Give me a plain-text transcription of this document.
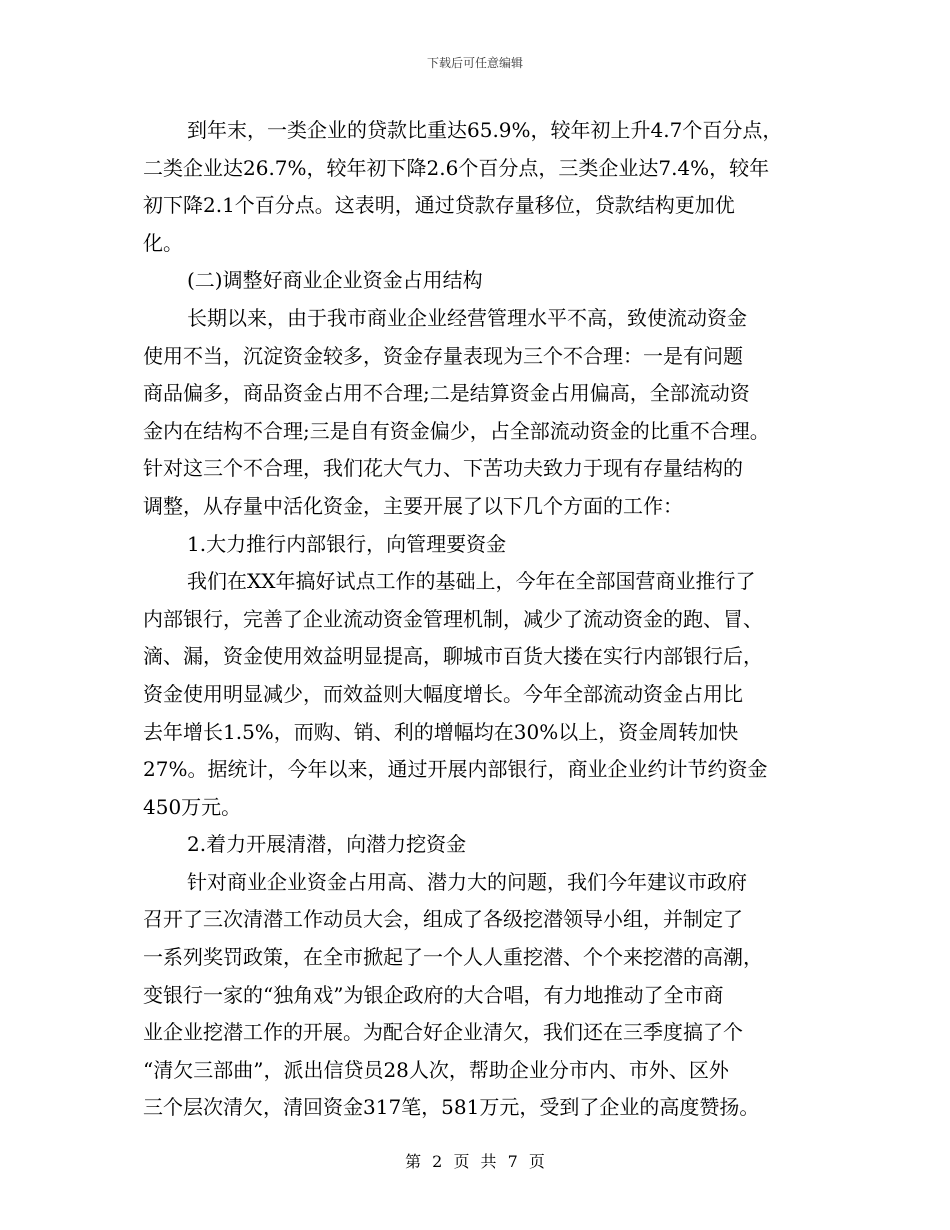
下载后可任意编辑
到年末，一类企业的贷款比重达65.9%，较年初上升4.7个百分点，
二类企业达26.7%，较年初下降2.6个百分点，三类企业达7.4%，较年
初下降2.1个百分点。这表明，通过贷款存量移位，贷款结构更加优
化。
(二)调整好商业企业资金占用结构
长期以来，由于我市商业企业经营管理水平不高，致使流动资金
使用不当，沉淀资金较多，资金存量表现为三个不合理：一是有问题
商品偏多，商品资金占用不合理;二是结算资金占用偏高，全部流动资
金内在结构不合理;三是自有资金偏少，占全部流动资金的比重不合理。
针对这三个不合理，我们花大气力、下苦功夫致力于现有存量结构的
调整，从存量中活化资金，主要开展了以下几个方面的工作：
1.大力推行内部银行，向管理要资金
我们在XX年搞好试点工作的基础上，今年在全部国营商业推行了
内部银行，完善了企业流动资金管理机制，减少了流动资金的跑、冒、
滴、漏，资金使用效益明显提高，聊城市百货大搂在实行内部银行后，
资金使用明显减少，而效益则大幅度增长。今年全部流动资金占用比
去年增长1.5%，而购、销、利的增幅均在30%以上，资金周转加快
27%。据统计，今年以来，通过开展内部银行，商业企业约计节约资金
450万元。
2.着力开展清潜，向潜力挖资金
针对商业企业资金占用高、潜力大的问题，我们今年建议市政府
召开了三次清潜工作动员大会，组成了各级挖潜领导小组，并制定了
一系列奖罚政策，在全市掀起了一个人人重挖潜、个个来挖潜的高潮，
变银行一家的“独角戏”为银企政府的大合唱，有力地推动了全市商
业企业挖潜工作的开展。为配合好企业清欠，我们还在三季度搞了个
“清欠三部曲”，派出信贷员28人次，帮助企业分市内、市外、区外
三个层次清欠，清回资金317笔，581万元，受到了企业的高度赞扬。
第 2 页 共 7 页
